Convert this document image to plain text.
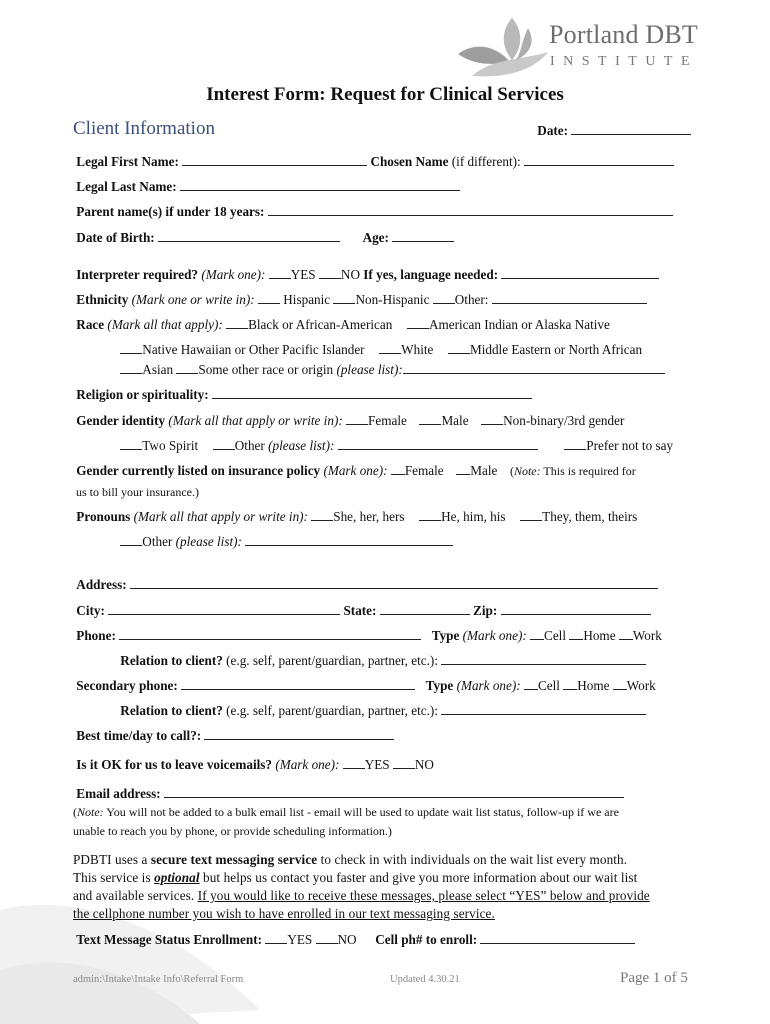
Portland DBT
INSTITUTE
Interest Form: Request for Clinical Services
Client Information	Date:
Legal First Name:	Chosen Name (if different):
Legal Last Name:
Parent name(s) if under 18 years:
Date of Birth:	Age:
Interpreter required? (Mark one): YES NO If yes, language needed:
Ethnicity (Mark one or write in): Hispanic Non-Hispanic Other:
Race (Mark all that apply): Black or African-American	American Indian or Alaska Native
Native Hawaiian or Other Pacific Islander	White	Middle Eastern or North African
Asian Some other race or origin (please list):
Religion or spirituality:
Gender identity (Mark all that apply or write in): Female	Male	Non-binary/3rd gender
Two Spirit	Other (please list):	Prefer not to say
Gender currently listed on insurance policy (Mark one): Female Male (Note: This is required for
us to bill your insurance.)
Pronouns (Mark all that apply or write in): She, her, hers	He, him, his	They, them, theirs
Other (please list):
Address:
City:	State:	Zip:
Phone:	Type (Mark one): Cell Home Work
Relation to client? (e.g. self, parent/guardian, partner, etc.):
Secondary phone:	Type (Mark one): Cell Home Work
Relation to client? (e.g. self, parent/guardian, partner, etc.):
Best time/day to call?:
Is it OK for us to leave voicemails? (Mark one): YES NO
Email address:
(Note: You will not be added to a bulk email list - email will be used to update wait list status, follow-up if we are
unable to reach you by phone, or provide scheduling information.)
PDBTI uses a secure text messaging service to check in with individuals on the wait list every month.
This service is optional but helps us contact you faster and give you more information about our wait list
and available services. If you would like to receive these messages, please select “YES” below and provide
the cellphone number you wish to have enrolled in our text messaging service.
Text Message Status Enrollment: YES NO Cell ph# to enroll:
admin:\Intake\Intake Info\Referral Form	Updated 4.30.21	Page 1 of 5
